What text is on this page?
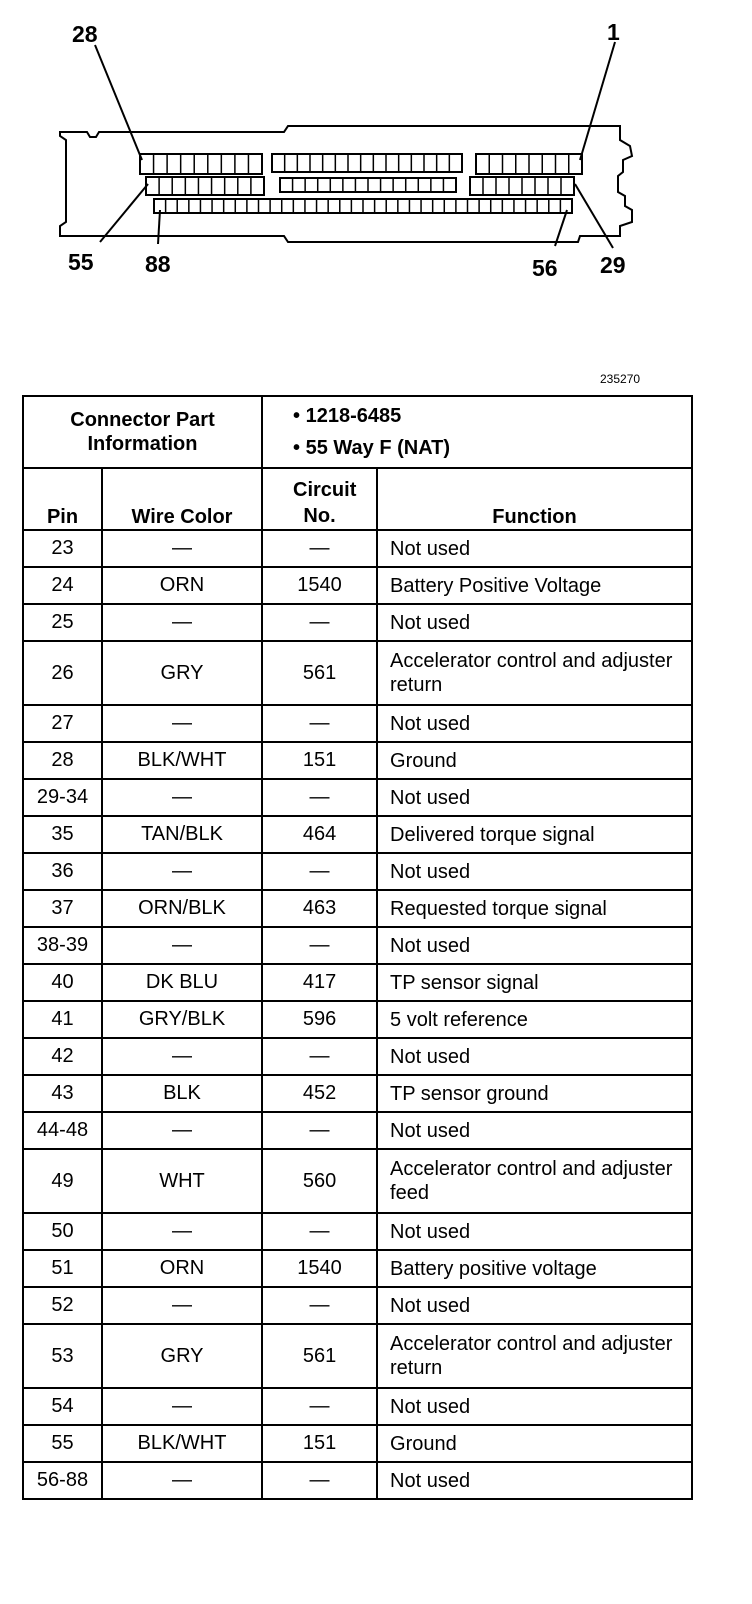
28	1
55 88	56 29
235270
Connector Part Information		• 1218-6485
• 55 Way F (NAT)	

Pin	Wire Color	Circuit No.	Function
23	—	—	Not used
24	ORN	1540	Battery Positive Voltage
25	—	—	Not used
26	GRY	561	Accelerator control and adjuster return
27	—	—	Not used
28	BLK/WHT	151	Ground
29-34	—	—	Not used
35	TAN/BLK	464	Delivered torque signal
36	—	—	Not used
37	ORN/BLK	463	Requested torque signal
38-39	—	—	Not used
40	DK BLU	417	TP sensor signal
41	GRY/BLK	596	5 volt reference
42	—	—	Not used
43	BLK	452	TP sensor ground
44-48	—	—	Not used
49	WHT	560	Accelerator control and adjuster feed
50	—	—	Not used
51	ORN	1540	Battery positive voltage
52	—	—	Not used
53	GRY	561	Accelerator control and adjuster return
54	—	—	Not used
55	BLK/WHT	151	Ground
56-88	—	—	Not used
